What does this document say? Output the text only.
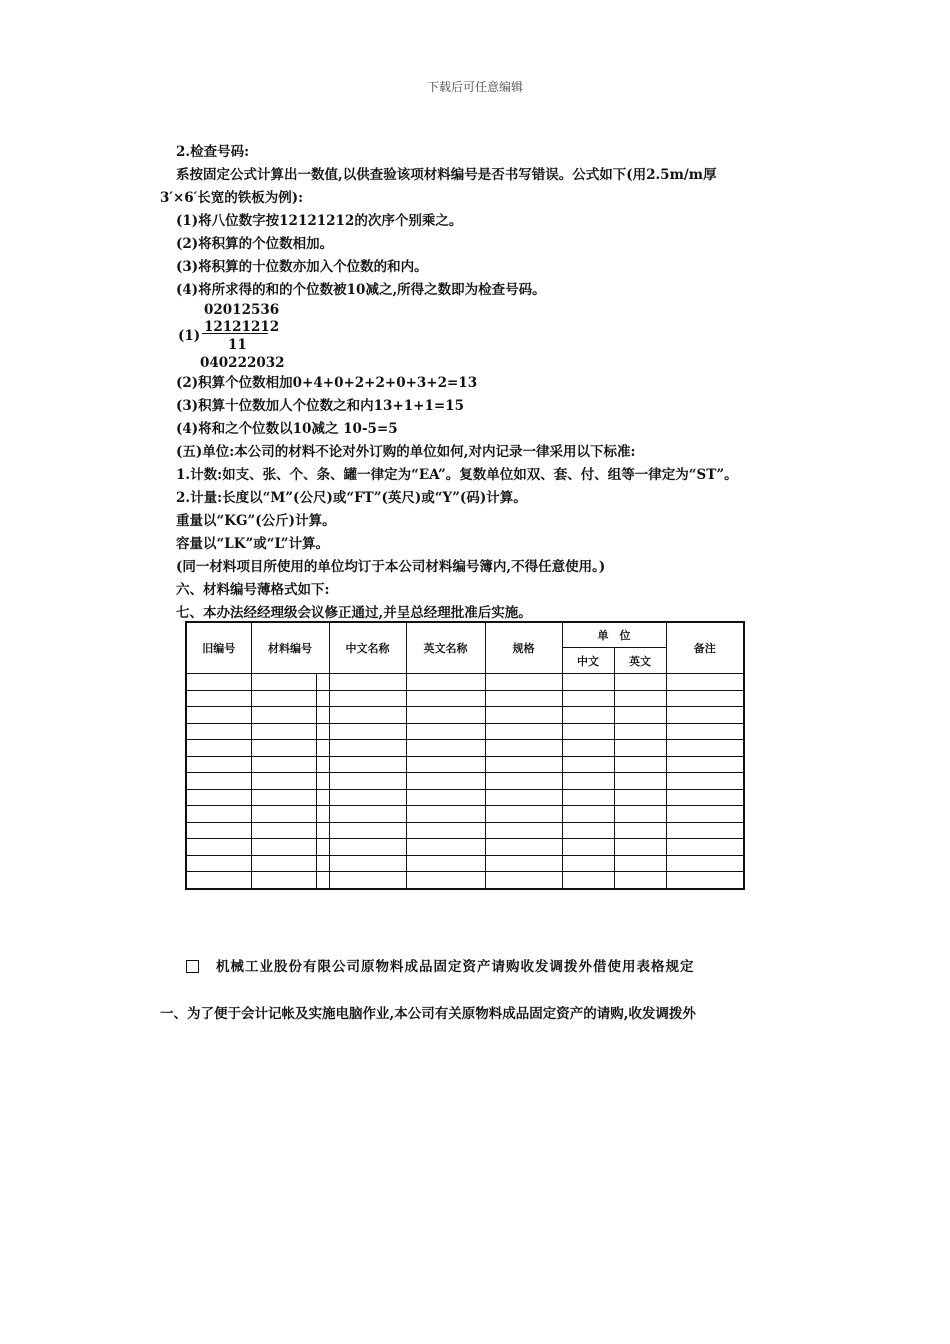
下载后可任意编辑
2.检查号码:
系按固定公式计算出一数值,以供查验该项材料编号是否书写错误。公式如下(用2.5m/m厚
3′×6′长宽的铁板为例):
(1)将八位数字按12121212的次序个别乘之。
(2)将积算的个位数相加。
(3)将积算的十位数亦加入个位数的和内。
(4)将所求得的和的个位数被10减之,所得之数即为检查号码。
02012536
(1)
12121212
11
040222032
(2)积算个位数相加0+4+0+2+2+0+3+2=13
(3)积算十位数加人个位数之和内13+1+1=15
(4)将和之个位数以10减之 10-5=5
(五)单位:本公司的材料不论对外订购的单位如何,对内记录一律采用以下标准:
1.计数:如支、张、个、条、罐一律定为“EA”。复数单位如双、套、付、组等一律定为“ST”。
2.计量:长度以“M”(公尺)或“FT”(英尺)或“Y”(码)计算。
重量以“KG”(公斤)计算。
容量以“LK”或“L”计算。
(同一材料项目所使用的单位均订于本公司材料编号簿内,不得任意使用。)
六、材料编号薄格式如下:
七、本办法经经理级会议修正通过,并呈总经理批准后实施。
旧编号	材料编号		中文名称	英文名称	规格	单　位		备注
						中文	英文	

机械工业股份有限公司原物料成品固定资产请购收发调拨外借使用表格规定
一、为了便于会计记帐及实施电脑作业,本公司有关原物料成品固定资产的请购,收发调拨外
